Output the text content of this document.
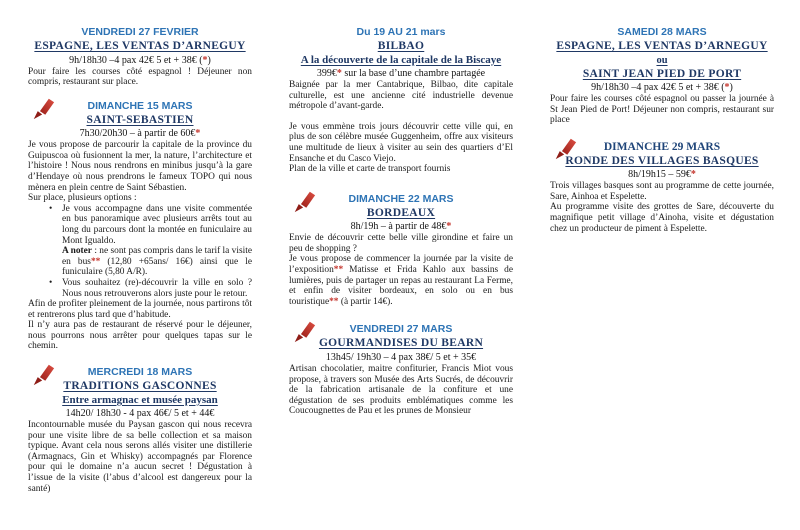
VENDREDI 27 FEVRIER
ESPAGNE, LES VENTAS D’ARNEGUY
9h/18h30 –4 pax 42€ 5 et + 38€ (*)

Pour faire les courses côté espagnol ! Déjeuner non compris, restaurant sur place.

DIMANCHE 15 MARS
SAINT-SEBASTIEN
7h30/20h30 – à partir de 60€*

Je vous propose de parcourir la capitale de la province du Guipuscoa où fusionnent la mer, la nature, l’architecture et l’histoire ! Nous nous rendrons en minibus jusqu’à la gare d’Hendaye où nous prendrons le fameux TOPO qui nous mènera en plein centre de Saint Sébastien.

Sur place, plusieurs options :

• Je vous accompagne dans une visite commentée en bus panoramique avec plusieurs arrêts tout au long du parcours dont la montée en funiculaire au Mont Igualdo.
A noter : ne sont pas compris dans le tarif la visite en bus** (12,80 +65ans/ 16€) ainsi que le funiculaire (5,80 A/R).
• Vous souhaitez (re)-découvrir la ville en solo ? Nous nous retrouverons alors juste pour le retour.

Afin de profiter pleinement de la journée, nous partirons tôt et rentrerons plus tard que d’habitude.

Il n’y aura pas de restaurant de réservé pour le déjeuner, nous pourrons nous arrêter pour quelques tapas sur le chemin.

MERCREDI 18 MARS
TRADITIONS GASCONNES
Entre armagnac et musée paysan
14h20/ 18h30 - 4 pax 46€/ 5 et + 44€

Incontournable musée du Paysan gascon qui nous recevra pour une visite libre de sa belle collection et sa maison typique. Avant cela nous serons allés visiter une distillerie (Armagnacs, Gin et Whisky) accompagnés par Florence pour qui le domaine n’a aucun secret ! Dégustation à l’issue de la visite (l’abus d’alcool est dangereux pour la santé)

Du 19 AU 21 mars
BILBAO
A la découverte de la capitale de la Biscaye
399€* sur la base d’une chambre partagée

Baignée par la mer Cantabrique, Bilbao, dite capitale culturelle, est une ancienne cité industrielle devenue métropole d’avant-garde.

Je vous emmène trois jours découvrir cette ville qui, en plus de son célèbre musée Guggenheim, offre aux visiteurs une multitude de lieux à visiter au sein des quartiers d’El Ensanche et du Casco Viejo.

Plan de la ville et carte de transport fournis

DIMANCHE 22 MARS
BORDEAUX
8h/19h – à partir de 48€*

Envie de découvrir cette belle ville girondine et faire un peu de shopping ?

Je vous propose de commencer la journée par la visite de l’exposition** Matisse et Frida Kahlo aux bassins de lumières, puis de partager un repas au restaurant La Ferme, et enfin de visiter bordeaux, en solo ou en bus touristique** (à partir 14€).

VENDREDI 27 MARS
GOURMANDISES DU BEARN
13h45/ 19h30 – 4 pax 38€/ 5 et + 35€

Artisan chocolatier, maitre confiturier, Francis Miot vous propose, à travers son Musée des Arts Sucrés, de découvrir de la fabrication artisanale de la confiture et une dégustation de ses produits emblématiques comme les Coucougnettes de Pau et les prunes de Monsieur

SAMEDI 28 MARS
ESPAGNE, LES VENTAS D’ARNEGUY
ou
SAINT JEAN PIED DE PORT
9h/18h30 –4 pax 42€ 5 et + 38€ (*)

Pour faire les courses côté espagnol ou passer la journée à St Jean Pied de Port! Déjeuner non compris, restaurant sur place

DIMANCHE 29 MARS
RONDE DES VILLAGES BASQUES
8h/19h15 – 59€*

Trois villages basques sont au programme de cette journée, Sare, Ainhoa et Espelette.

Au programme visite des grottes de Sare, découverte du magnifique petit village d’Ainoha, visite et dégustation chez un producteur de piment à Espelette.
